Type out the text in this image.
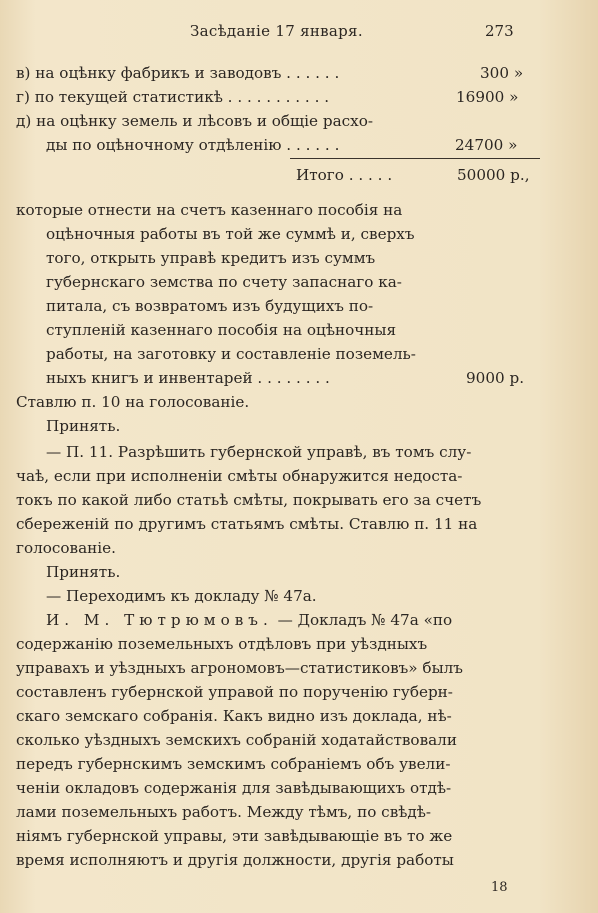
Засѣданіе 17 января.	273
в) на оцѣнку фабрикъ и заводовъ . . . . . .	300 »
г) по текущей статистикѣ . . . . . . . . . . .	16900 »
д) на оцѣнку земель и лѣсовъ и общіе расхо-
ды по оцѣночному отдѣленію . . . . . .	24700 »
Итого . . . . .	50000 р.,
которые отнести на счетъ казеннаго пособія на
оцѣночныя работы въ той же суммѣ и, сверхъ
того, открыть управѣ кредитъ изъ суммъ
губернскаго земства по счету запаснаго ка-
питала, съ возвратомъ изъ будущихъ по-
ступленій казеннаго пособія на оцѣночныя
работы, на заготовку и составленіе поземель-
ныхъ книгъ и инвентарей . . . . . . . .	9000 р.
Ставлю п. 10 на голосованіе.
Принять.
— П. 11. Разрѣшить губернской управѣ, въ томъ слу-
чаѣ, если при исполненіи смѣты обнаружится недоста-
токъ по какой либо статьѣ смѣты, покрывать его за счетъ
сбереженій по другимъ статьямъ смѣты. Ставлю п. 11 на
голосованіе.
Принять.
— Переходимъ къ докладу № 47а.
И. М. Тютрюмовъ. — Докладъ № 47а «по
содержанію поземельныхъ отдѣловъ при уѣздныхъ
управахъ и уѣздныхъ агрономовъ—статистиковъ» былъ
составленъ губернской управой по порученію губерн-
скаго земскаго собранія. Какъ видно изъ доклада, нѣ-
сколько уѣздныхъ земскихъ собраній ходатайствовали
передъ губернскимъ земскимъ собраніемъ объ увели-
ченіи окладовъ содержанія для завѣдывающихъ отдѣ-
лами поземельныхъ работъ. Между тѣмъ, по свѣдѣ-
ніямъ губернской управы, эти завѣдывающіе въ то же
время исполняютъ и другія должности, другія работы
18
